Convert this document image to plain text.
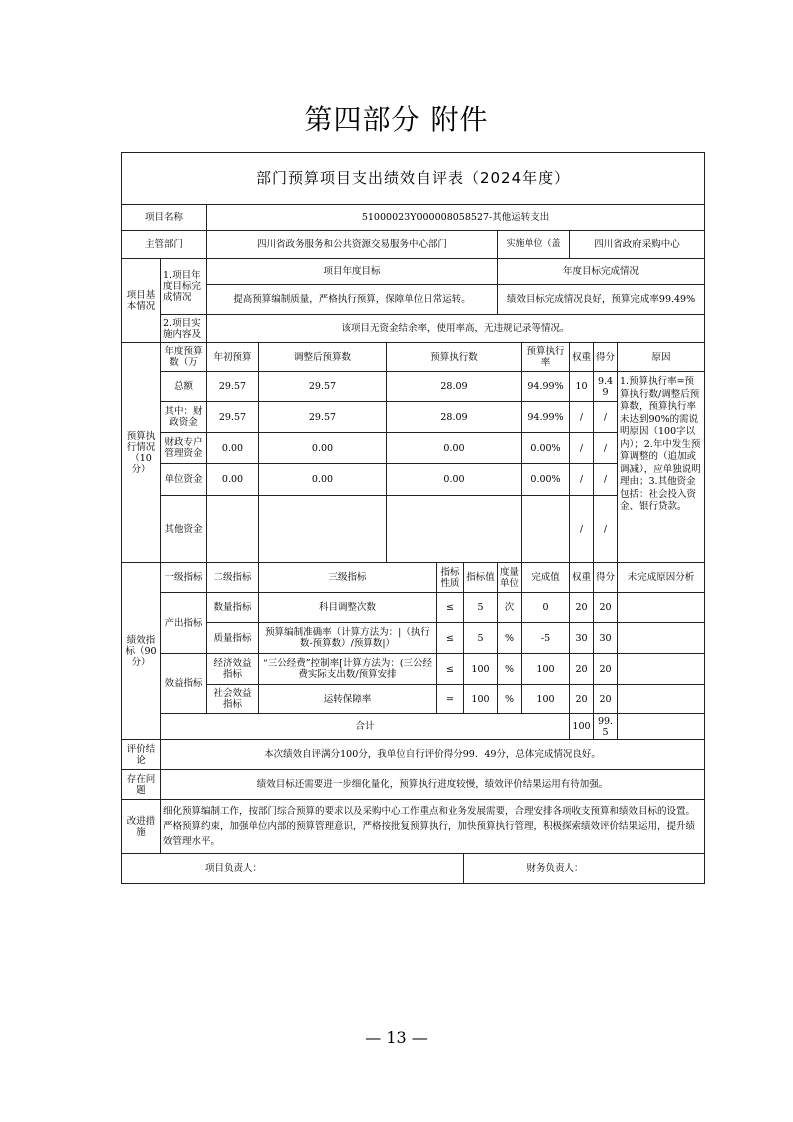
第四部分 附件
部门预算项目支出绩效自评表（2024年度）											
项目名称		51000023Y000008058527-其他运转支出									
主管部门		四川省政务服务和公共资源交易服务中心部门					实施单位（盖		四川省政府采购中心		
项目基本情况	1.项目年度目标完成情况	项目年度目标					年度目标完成情况				
		提高预算编制质量，严格执行预算，保障单位日常运转。					绩效目标完成情况良好，预算完成率99.49%				
	2.项目实施内容及	该项目无资金结余率，使用率高，无违规记录等情况。									
预算执行情况（10分）	年度预算数（万	年初预算	调整后预算数	预算执行数				预算执行率	权重	得分	原因
	总额	29.57	29.57	28.09				94.99%	10	9.49	1.预算执行率=预算执行数/调整后预算数，预算执行率未达到90%的需说明原因（100字以内）；2.年中发生预算调整的（追加或调减），应单独说明理由；3.其他资金包括：社会投入资金、银行贷款。
	其中：财政资金	29.57	29.57	28.09				94.99%	/	/	
	财政专户管理资金	0.00	0.00	0.00				0.00%	/	/	
	单位资金	0.00	0.00	0.00				0.00%	/	/	
	其他资金								/	/	
绩效指标（90分）	一级指标	二级指标	三级指标		指标性质	指标值	度量单位	完成值	权重	得分	未完成原因分析
	产出指标	数量指标	科目调整次数		≤	5	次	0	20	20	
		质量指标	预算编制准确率（计算方法为：|（执行数-预算数）/预算数|）		≤	5	%	-5	30	30	
	效益指标	经济效益指标	“三公经费”控制率[计算方法为：(三公经费实际支出数/预算安排		≤	100	%	100	20	20	
		社会效益指标	运转保障率		=	100	%	100	20	20	
	合计								100	99.5	
评价结论	本次绩效自评满分100分，我单位自行评价得分99．49分，总体完成情况良好。										
存在问题	绩效目标还需要进一步细化量化，预算执行进度较慢，绩效评价结果运用有待加强。										
改进措施	细化预算编制工作，按部门综合预算的要求以及采购中心工作重点和业务发展需要，合理安排各项收支预算和绩效目标的设置。严格预算约束，加强单位内部的预算管理意识，严格按批复预算执行，加快预算执行管理，积极探索绩效评价结果运用，提升绩效管理水平。										
项目负责人：						财务负责人：					
— 13 —
